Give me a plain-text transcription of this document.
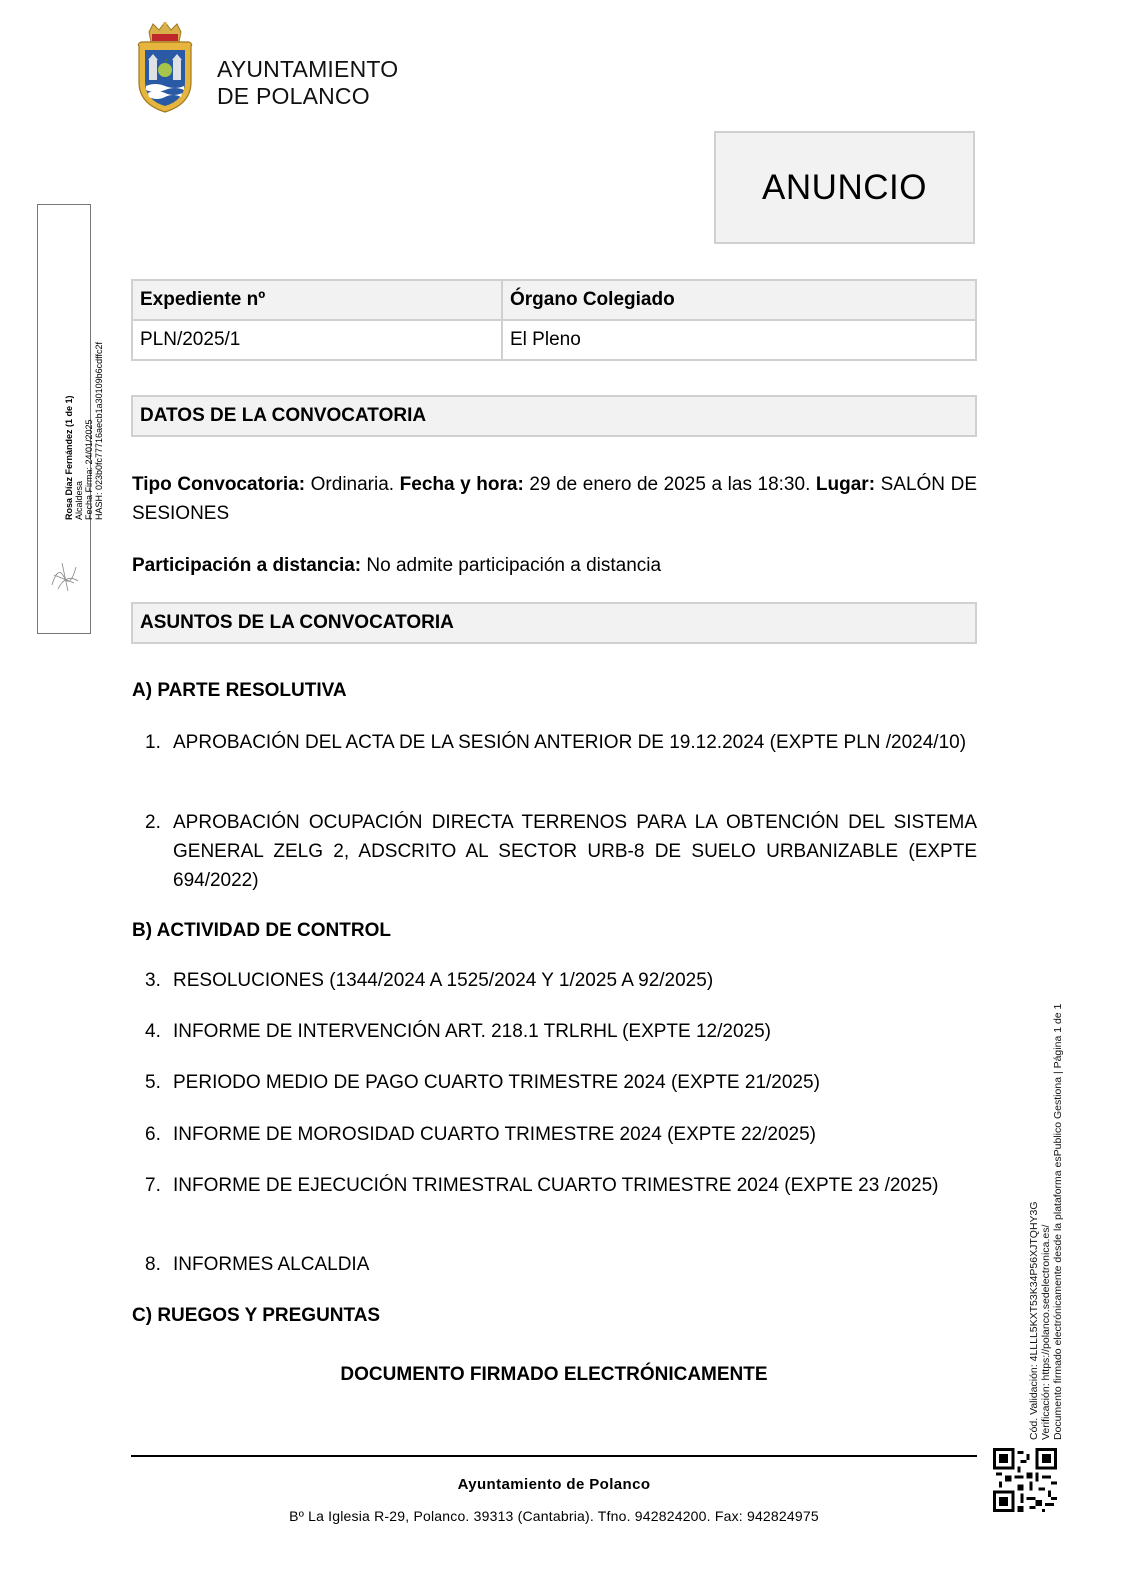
AYUNTAMIENTO
DE POLANCO
ANUNCIO
Expediente nº	Órgano Colegiado
PLN/2025/1	El Pleno
DATOS DE LA CONVOCATORIA
Tipo Convocatoria: Ordinaria. Fecha y hora: 29 de enero de 2025 a las 18:30. Lugar: SALÓN DE SESIONES
Participación a distancia: No admite participación a distancia
ASUNTOS DE LA CONVOCATORIA
A) PARTE RESOLUTIVA
1. APROBACIÓN DEL ACTA DE LA SESIÓN ANTERIOR DE 19.12.2024 (EXPTE PLN /2024/10)
2. APROBACIÓN OCUPACIÓN DIRECTA TERRENOS PARA LA OBTENCIÓN DEL SISTEMA GENERAL ZELG 2, ADSCRITO AL SECTOR URB-8 DE SUELO URBANIZABLE (EXPTE 694/2022)
B) ACTIVIDAD DE CONTROL
3. RESOLUCIONES (1344/2024 A 1525/2024 Y 1/2025 A 92/2025)
4. INFORME DE INTERVENCIÓN ART. 218.1 TRLRHL (EXPTE 12/2025)
5. PERIODO MEDIO DE PAGO CUARTO TRIMESTRE 2024 (EXPTE 21/2025)
6. INFORME DE MOROSIDAD CUARTO TRIMESTRE 2024 (EXPTE 22/2025)
7. INFORME DE EJECUCIÓN TRIMESTRAL CUARTO TRIMESTRE 2024 (EXPTE 23 /2025)
8. INFORMES ALCALDIA
C) RUEGOS Y PREGUNTAS
DOCUMENTO FIRMADO ELECTRÓNICAMENTE
Ayuntamiento de Polanco
Bº La Iglesia R-29, Polanco. 39313 (Cantabria). Tfno. 942824200. Fax: 942824975
Rosa Díaz Fernández (1 de 1) Alcaldesa Fecha Firma: 24/01/2025 HASH: 023b0fc77716aecb1a30109b6cdffc2f
Cód. Validación: 4LLLL5KXT53K34P56XJTQHY3G Verificación: https://polanco.sedelectronica.es/ Documento firmado electrónicamente desde la plataforma esPublico Gestiona | Página 1 de 1
